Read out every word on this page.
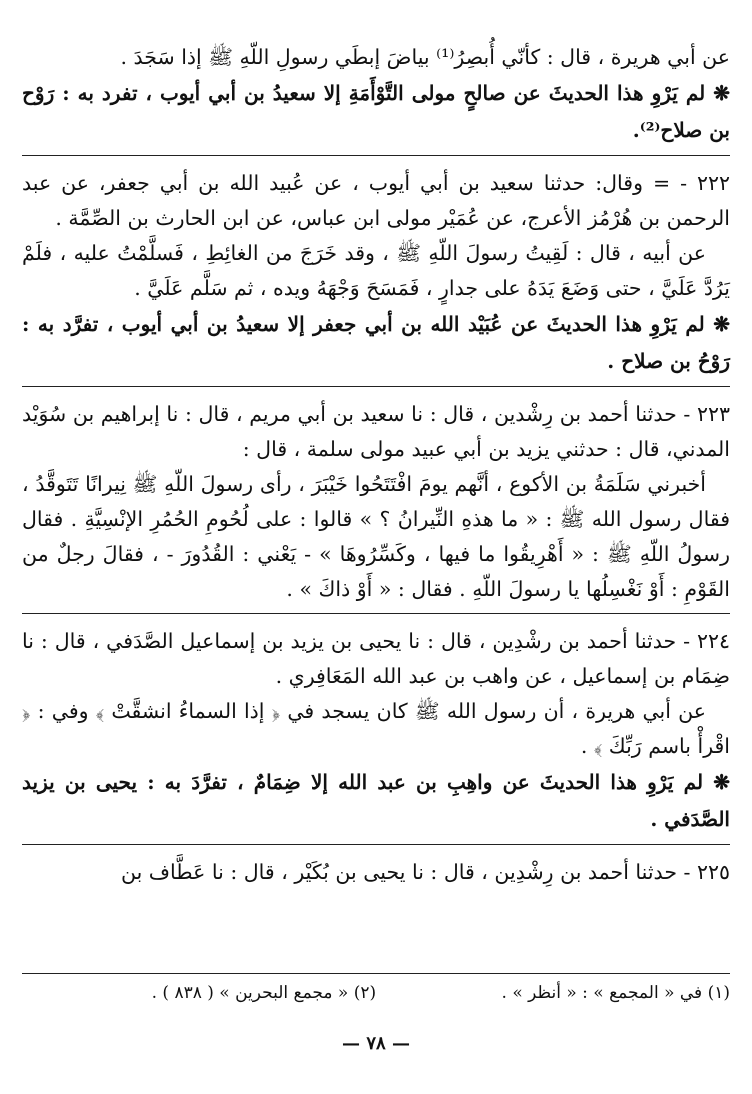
عن أبي هريرة ، قال : كأنّي أُبصِرُ⁽¹⁾ بياضَ إبطَي رسولِ اللّهِ ﷺ إذا سَجَدَ .

❋ لم يَرْوِ هذا الحديثَ عن صالحٍ مولى التَّوْأَمَةِ إلا سعيدُ بن أبي أيوب ، تفرد به : رَوْح بن صلاح⁽²⁾.

٢٢٢ - = وقال: حدثنا سعيد بن أبي أيوب ، عن عُبيد الله بن أبي جعفر، عن عبد الرحمن بن هُرْمُز الأعرج، عن عُمَيْر مولى ابن عباس، عن ابن الحارث بن الصِّمَّة .

عن أبيه ، قال : لَقِيتُ رسولَ اللّهِ ﷺ ، وقد خَرَجَ من الغائِطِ ، فَسلَّمْتُ عليه ، فلَمْ يَرُدَّ عَلَيَّ ، حتى وَضَعَ يَدَهُ على جدارٍ ، فَمَسَحَ وَجْهَهُ ويده ، ثم سَلَّم عَلَيَّ .

❋ لم يَرْوِ هذا الحديثَ عن عُبَيْد الله بن أبي جعفر إلا سعيدُ بن أبي أيوب ، تفرَّد به : رَوْحُ بن صلاح .

٢٢٣ - حدثنا أحمد بن رِشْدين ، قال : نا سعيد بن أبي مريم ، قال : نا إبراهيم بن سُوَيْد المدني، قال : حدثني يزيد بن أبي عبيد مولى سلمة ، قال :

أخبرني سَلَمَةُ بن الأكوع ، أنَّهم يومَ افْتَتَحُوا خَيْبَرَ ، رأى رسولَ اللّهِ ﷺ نِيرانًا تَتَوقَّدُ ، فقال رسول الله ﷺ : « ما هذهِ النِّيرانُ ؟ » قالوا : على لُحُومِ الحُمُرِ الإنْسِيَّةِ . فقال رسولُ اللّهِ ﷺ : « أَهْرِيقُوا ما فيها ، وكَسِّرُوهَا » - يَعْني : القُدُورَ - ، فقالَ رجلٌ من القَوْمِ : أَوْ نَغْسِلُها يا رسولَ اللّهِ . فقال : « أَوْ ذاكَ » .

٢٢٤ - حدثنا أحمد بن رشْدِين ، قال : نا يحيى بن يزيد بن إسماعيل الصَّدَفي ، قال : نا ضِمَام بن إسماعيل ، عن واهب بن عبد الله المَعَافِري .

عن أبي هريرة ، أن رسول الله ﷺ كان يسجد في ﴿ إذا السماءُ انشقَّتْ ﴾ وفي : ﴿ اقْرأْ باسم رَبِّكَ ﴾ .

❋ لم يَرْوِ هذا الحديثَ عن واهِبِ بن عبد الله إلا ضِمَامٌ ، تفرَّدَ به : يحيى بن يزيد الصَّدَفي .

٢٢٥ - حدثنا أحمد بن رِشْدِين ، قال : نا يحيى بن بُكَيْر ، قال : نا عَطَّاف بن

(١) في « المجمع » : « أنظر » . (٢) « مجمع البحرين » ( ٨٣٨ ) .
— ٧٨ —
